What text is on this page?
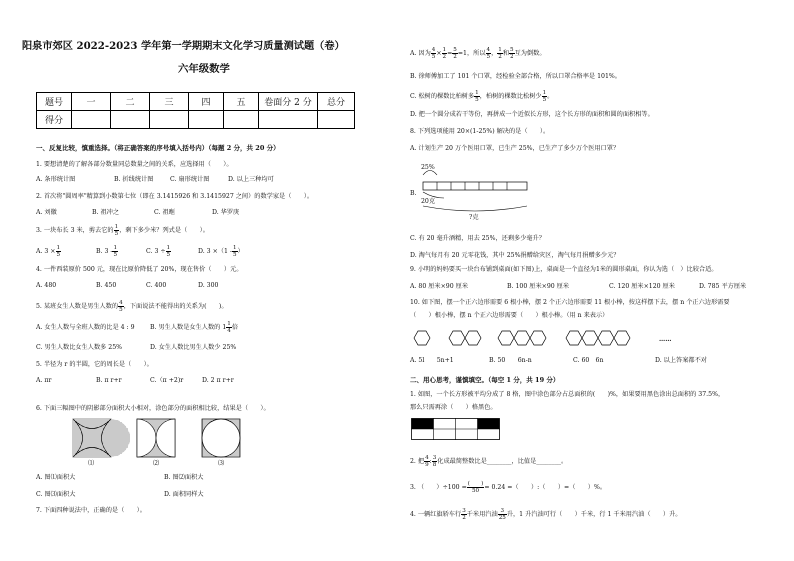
阳泉市郊区 2022-2023 学年第一学期期末文化学习质量测试题（卷）
六年级数学
题号	一	二	三	四	五	卷面分 2 分	总分
得分							
一、反复比较，慎重选择。（将正确答案的序号填入括号内）（每题 2 分，共 20 分）
1. 要想清楚的了解各部分数量同总数量之间的关系，应选择用（　　）。
A. 条形统计图	B. 折线统计图	C. 扇形统计图	D. 以上三种均可
2. 首次将"圆周率"精算到小数第七位（即在 3.1415926 和 3.1415927 之间）的数学家是（　　）。
A. 刘徽	B. 祖冲之	C. 祖暅	D. 华罗庚
3. 一块布长 3 米，剪去它的 $\frac{1}{5}$ ，剩下多少米？列式是（　　）。
A. $3 \times \frac{1}{5}$	B. $3 - \frac{1}{5}$	C. $3 \div \frac{1}{5}$	D. $3 \times(1 - \frac{1}{5}$ ）
4. 一件西装原价 500 元，现在比原价降低了 20%，现在售价（　　）元。
A. 480	B. 450	C. 400	D. 300
5. 某班女生人数是男生人数的 $\frac{4}{5}$ ，下面说法不能得出的关系为(　　)。
A. 女生人数与全班人数的比是 4 : 9 B. 男生人数是女生人数的 $1 \frac{1}{4}$ 倍
C. 男生人数比女生人数多 25%	D. 女生人数比男生人数少 25%
5. 半径为 r 的半圆，它的周长是（　　）。
A. πr	B. π r+r	C.（π +2)r	D. 2 π r+r
6. 下面三幅图中的阴影部分面积大小相对，涂色部分的面积相比较，结果是（　　）。
⑴	⑵	⑶
A. 图⑴面积大	B. 图⑵面积大
C. 图⑶面积大	D. 面积同样大
7. 下面四种说法中，正确的是（　　）。
A. 因为 $\frac{4}{5} \times \frac{1}{2} = \frac{5}{2} =1$，所以 $\frac{4}{5}$ ， $\frac{1}{2}$ 和 $\frac{5}{2}$ 互为倒数。
B. 徐师傅加工了 101 个口罩，经检验全部合格，所以口罩合格率是 101%。
C. 松树的棵数比柏树多 $\frac{1}{5}$ ，柏树的棵数比松树少 $\frac{1}{5}$ 。
D. 把一个圆分成若干等份，再拼成一个近似长方形，这个长方形的面积和圆的面积相等。
8. 下列选项能用 20×(1-25%) 解决的是（　　）。
A. 计划生产 20 万个医用口罩，已生产 25%，已生产了多少万个医用口罩？
B.
25%
20克
?克
C. 有 20 毫升酒精，用去 25%，还剩多少毫升？
D. 淘气每月有 20 元零花钱，其中 25%捐赠给灾区，淘气每月捐赠多少元？
9. 小明的妈妈要买一块台布铺到桌面(如下图)上，桌面是一个直径为1米的圆形桌面，你认为选（　）比较合适。
A. 80 厘米×90 厘米	B. 100 厘米×90 厘米	C. 120 厘米×120 厘米	D. 785 平方厘米
10. 如下图，摆一个正六边形需要 6 根小棒，摆 2 个正六边形需要 11 根小棒，按这样摆下去，摆 n 个正六边形需要
（　　）根小棒，摆 n 个正六边形需要（　　）根小棒。（用 n 来表示）
……
A. 5l　　5n+1	B. 50　　6n-n	C. 60　6n	D. 以上答案都不对
二、用心思考，谨慎填空。（每空 1 分，共 19 分）
1. 如图，一个长方形被平均分成了 8 格，图中涂色部分占总面积的(　　)%，如果要用黑色涂出总面积的 37.5%，
那么只需再涂（　　）格黑色。
2. 把 $\frac{4}{9}$ : $\frac{3}{8}$ 化成最简整数比是________，比值是________。
3. （　　）$\div 100 = \frac{( )}{50} = 0.24$ =（　　）:（　　）=（　　）%。
4. 一辆红旗轿车行 $\frac{3}{2}$ 千米用汽油 $\frac{3}{25}$ 升，1 升汽油可行（　　）千米，行 1 千米用汽油（　　）升。
